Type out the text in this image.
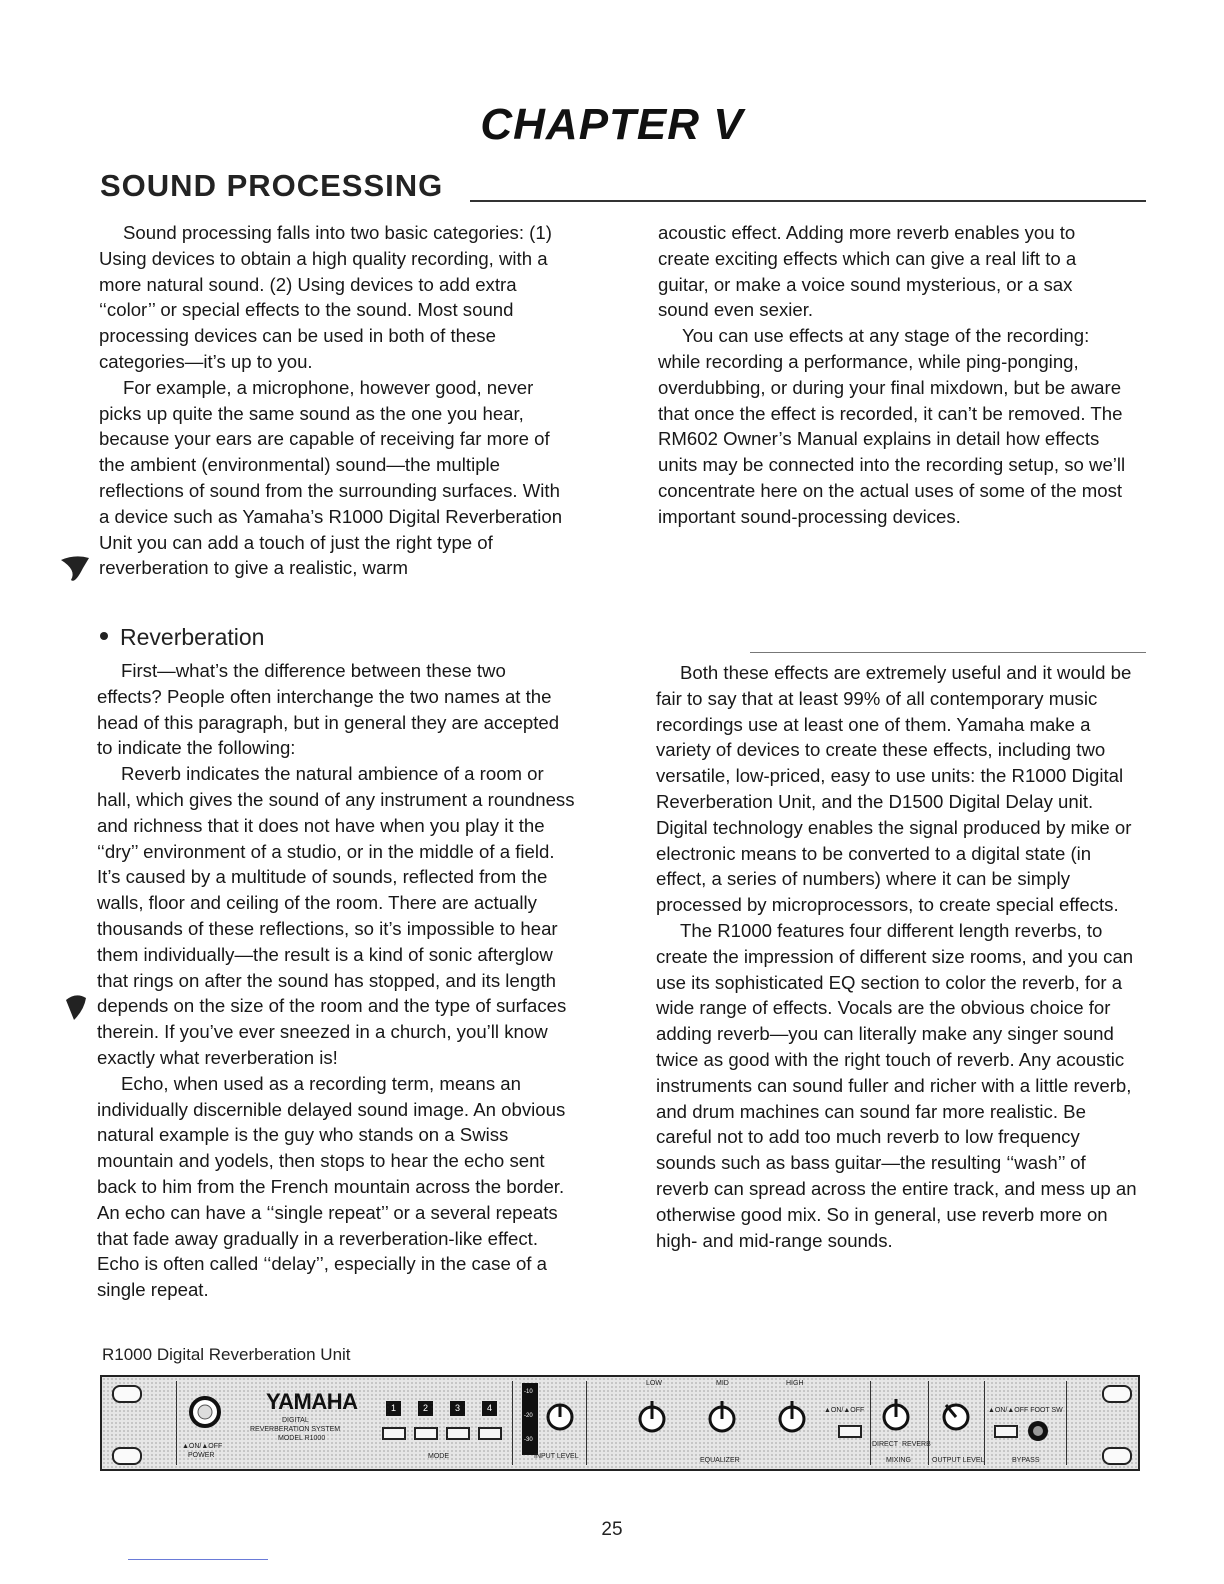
CHAPTER V
SOUND PROCESSING

Sound processing falls into two basic categories: (1) Using devices to obtain a high quality recording, with a more natural sound. (2) Using devices to add extra ‘‘color’’ or special effects to the sound. Most sound processing devices can be used in both of these categories—it’s up to you.

For example, a microphone, however good, never picks up quite the same sound as the one you hear, because your ears are capable of receiving far more of the ambient (environmental) sound—the multiple reflections of sound from the surrounding surfaces. With a device such as Yamaha’s R1000 Digital Reverberation Unit you can add a touch of just the right type of reverberation to give a realistic, warm

acoustic effect. Adding more reverb enables you to create exciting effects which can give a real lift to a guitar, or make a voice sound mysterious, or a sax sound even sexier.

You can use effects at any stage of the recording: while recording a performance, while ping-ponging, overdubbing, or during your final mixdown, but be aware that once the effect is recorded, it can’t be removed. The RM602 Owner’s Manual explains in detail how effects units may be connected into the recording setup, so we’ll concentrate here on the actual uses of some of the most important sound-processing devices.

Reverberation

First—what’s the difference between these two effects? People often interchange the two names at the head of this paragraph, but in general they are accepted to indicate the following:

Reverb indicates the natural ambience of a room or hall, which gives the sound of any instrument a roundness and richness that it does not have when you play it the ‘‘dry’’ environment of a studio, or in the middle of a field. It’s caused by a multitude of sounds, reflected from the walls, floor and ceiling of the room. There are actually thousands of these reflections, so it’s impossible to hear them individually—the result is a kind of sonic afterglow that rings on after the sound has stopped, and its length depends on the size of the room and the type of surfaces therein. If you’ve ever sneezed in a church, you’ll know exactly what reverberation is!

Echo, when used as a recording term, means an individually discernible delayed sound image. An obvious natural example is the guy who stands on a Swiss mountain and yodels, then stops to hear the echo sent back to him from the French mountain across the border. An echo can have a ‘‘single repeat’’ or a several repeats that fade away gradually in a reverberation-like effect. Echo is often called ‘‘delay’’, especially in the case of a single repeat.

Both these effects are extremely useful and it would be fair to say that at least 99% of all contemporary music recordings use at least one of them. Yamaha make a variety of devices to create these effects, including two versatile, low-priced, easy to use units: the R1000 Digital Reverberation Unit, and the D1500 Digital Delay unit. Digital technology enables the signal produced by mike or electronic means to be converted to a digital state (in effect, a series of numbers) where it can be simply processed by microprocessors, to create special effects.

The R1000 features four different length reverbs, to create the impression of different size rooms, and you can use its sophisticated EQ section to color the reverb, for a wide range of effects. Vocals are the obvious choice for adding reverb—you can literally make any singer sound twice as good with the right touch of reverb. Any acoustic instruments can sound fuller and richer with a little reverb, and drum machines can sound far more realistic. Be careful not to add too much reverb to low frequency sounds such as bass guitar—the resulting ‘‘wash’’ of reverb can spread across the entire track, and mess up an otherwise good mix. So in general, use reverb more on high- and mid-range sounds.

R1000 Digital Reverberation Unit
▲ON/▲OFF
POWER
YAMAHA
DIGITAL
REVERBERATION SYSTEM
MODEL R1000
1	2	3	4
MODE
-10
-20
-30
INPUT LEVEL
LOW	MID	HIGH
▲ON/▲OFF
EQUALIZER
DIRECT REVERB
MIXING	OUTPUT LEVEL
▲ON/▲OFF FOOT SW
BYPASS
25
